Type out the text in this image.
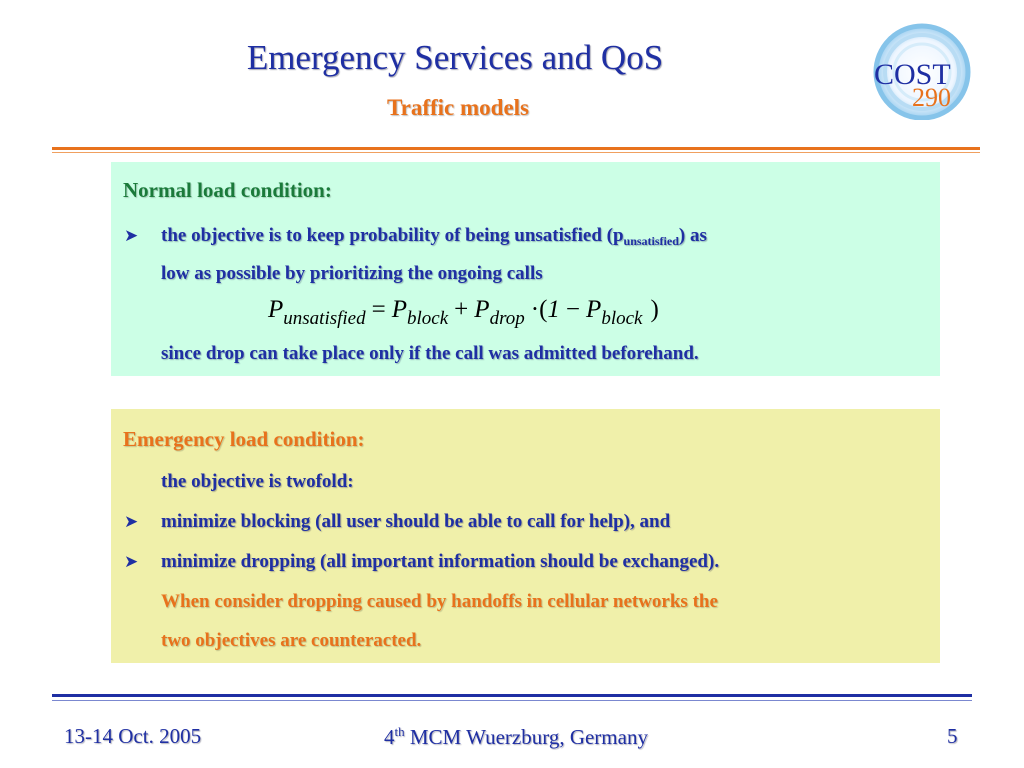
Emergency Services and QoS
Traffic models
COST
290
Normal load condition:
➤ the objective is to keep probability of being unsatisfied $(p_{unsatisfied})$ as
low as possible by prioritizing the ongoing calls
$P_{unsatisfied} = P_{block} + P_{drop} \cdot(1 - P_{block}$ )
since drop can take place only if the call was admitted beforehand.
Emergency load condition:
the objective is twofold:
➤ minimize blocking (all user should be able to call for help), and
➤ minimize dropping (all important information should be exchanged).
When consider dropping caused by handoffs in cellular networks the
two objectives are counteracted.
13-14 Oct. 2005	4th MCM Wuerzburg, Germany	5
